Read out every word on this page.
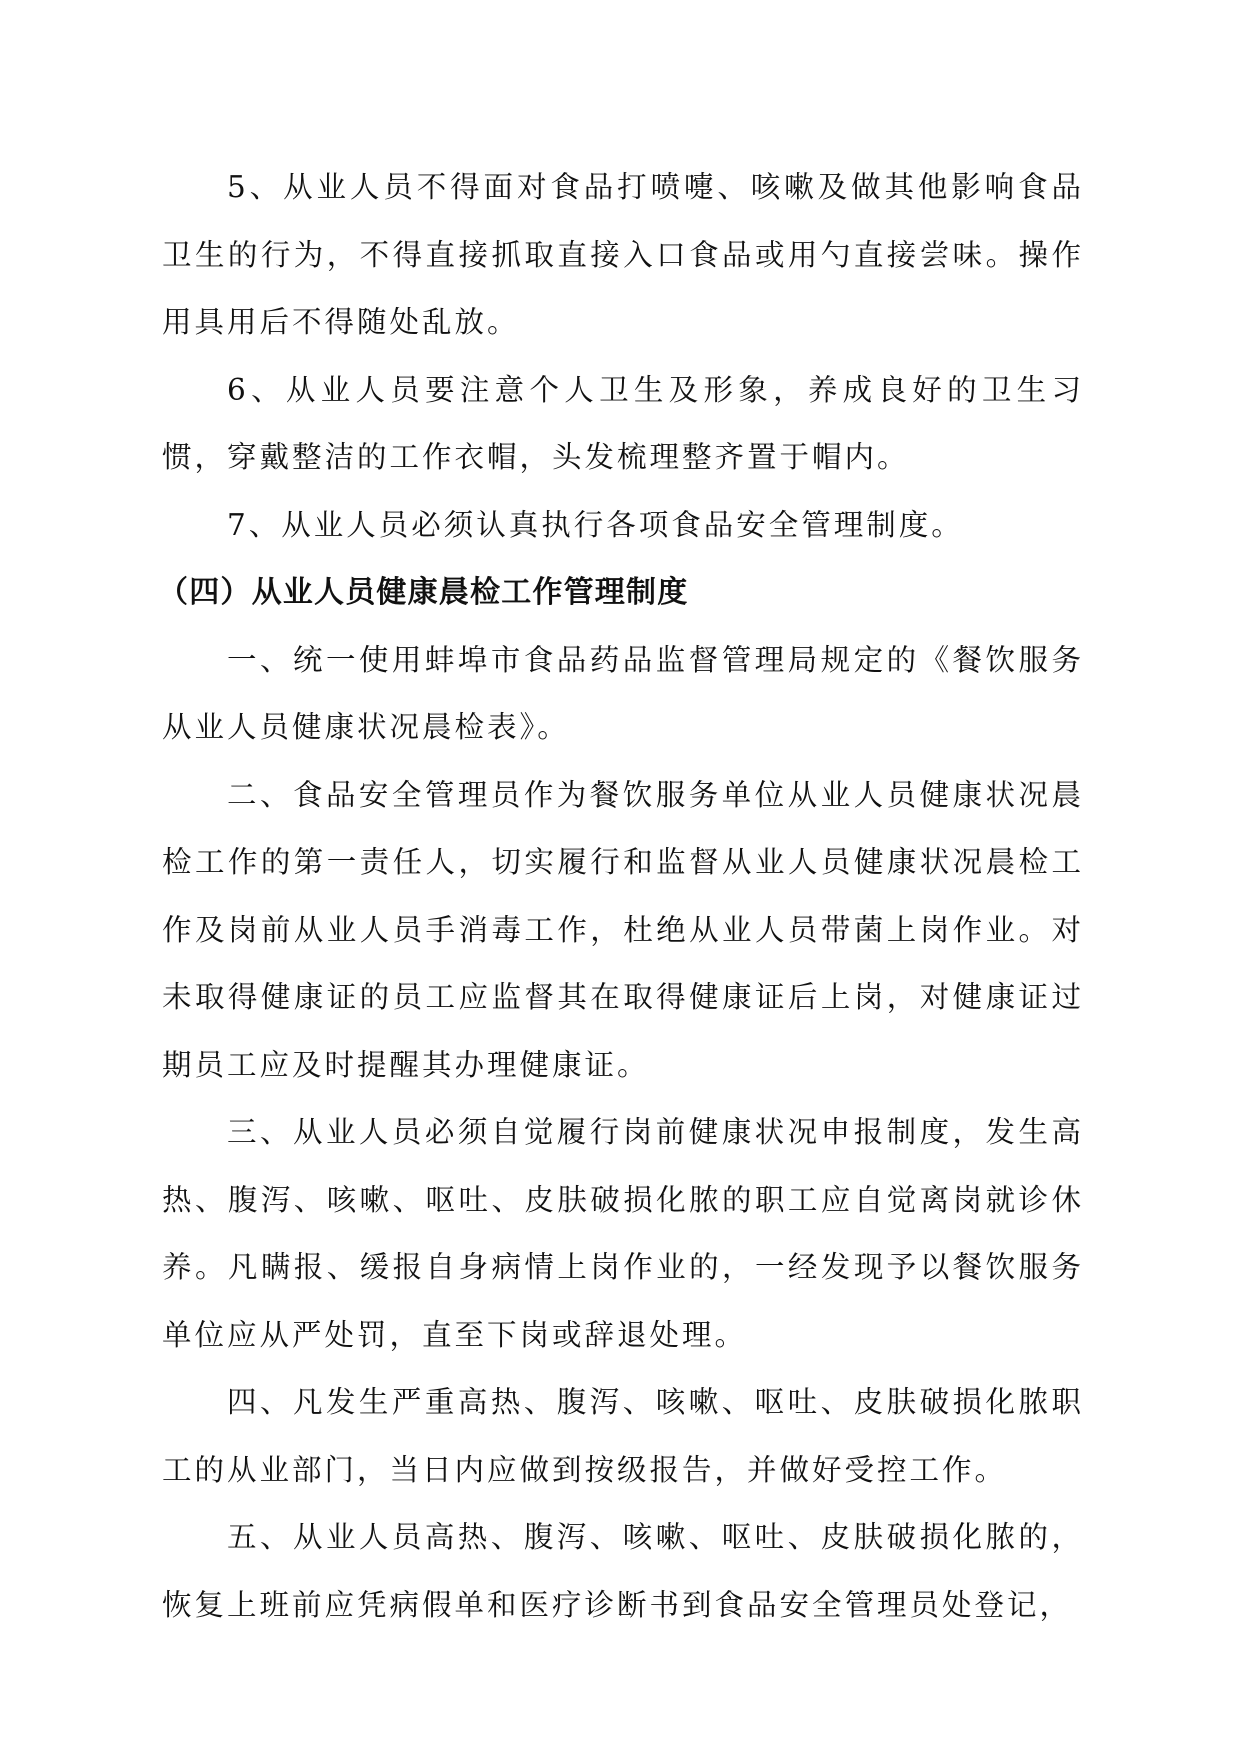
5、从业人员不得面对食品打喷嚏、咳嗽及做其他影响食品卫生的行为，不得直接抓取直接入口食品或用勺直接尝味。操作用具用后不得随处乱放。

6、从业人员要注意个人卫生及形象，养成良好的卫生习惯，穿戴整洁的工作衣帽，头发梳理整齐置于帽内。

7、从业人员必须认真执行各项食品安全管理制度。

（四）从业人员健康晨检工作管理制度

一、统一使用蚌埠市食品药品监督管理局规定的《餐饮服务从业人员健康状况晨检表》。

二、食品安全管理员作为餐饮服务单位从业人员健康状况晨检工作的第一责任人，切实履行和监督从业人员健康状况晨检工作及岗前从业人员手消毒工作，杜绝从业人员带菌上岗作业。对未取得健康证的员工应监督其在取得健康证后上岗，对健康证过期员工应及时提醒其办理健康证。

三、从业人员必须自觉履行岗前健康状况申报制度，发生高热、腹泻、咳嗽、呕吐、皮肤破损化脓的职工应自觉离岗就诊休养。凡瞒报、缓报自身病情上岗作业的，一经发现予以餐饮服务单位应从严处罚，直至下岗或辞退处理。

四、凡发生严重高热、腹泻、咳嗽、呕吐、皮肤破损化脓职工的从业部门，当日内应做到按级报告，并做好受控工作。

五、从业人员高热、腹泻、咳嗽、呕吐、皮肤破损化脓的，恢复上班前应凭病假单和医疗诊断书到食品安全管理员处登记，
